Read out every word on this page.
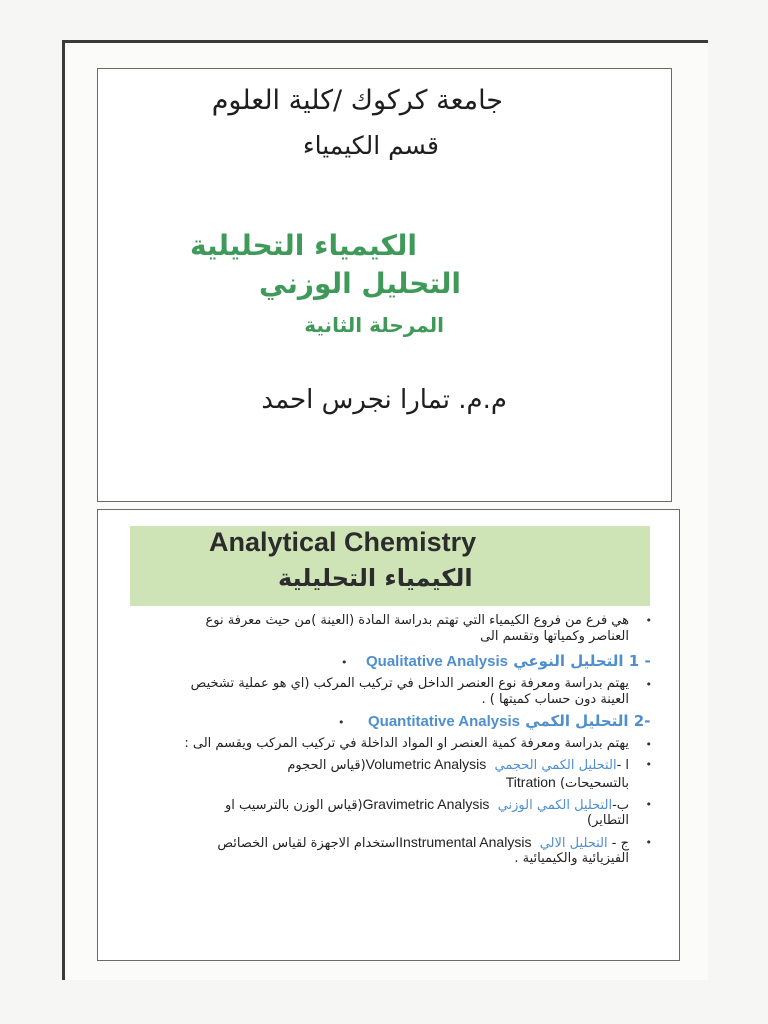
جامعة كركوك /كلية العلوم
قسم الكيمياء
الكيمياء التحليلية
التحليل الوزني
المرحلة الثانية
م.م. تمارا نجرس احمد
Analytical Chemistry
الكيمياء التحليلية
•
هي فرع من فروع الكيمياء التي تهتم بدراسة المادة (العينة )من حيث معرفة نوع
العناصر وكمياتها وتقسم الى
Qualitative Analysis التحليل النوعي 1 -
•
•
يهتم بدراسة ومعرفة نوع العنصر الداخل في تركيب المركب (اي هو عملية تشخيص
العينة دون حساب كميتها ) .
Quantitative Analysis التحليل الكمي 2-
•
•
يهتم بدراسة ومعرفة كمية العنصر او المواد الداخلة في تركيب المركب ويقسم الى :
•
ا -التحليل الكمي الحجمي  Volumetric Analysis(قياس الحجوم
بالتسحيحات) Titration
•
ب-التحليل الكمي الوزني  Gravimetric Analysis(قياس الوزن بالترسيب او
التطاير)
•
ج - التحليل الالي  Instrumental Analysisاستخدام الاجهزة لقياس الخصائص
الفيزيائية والكيميائية .
